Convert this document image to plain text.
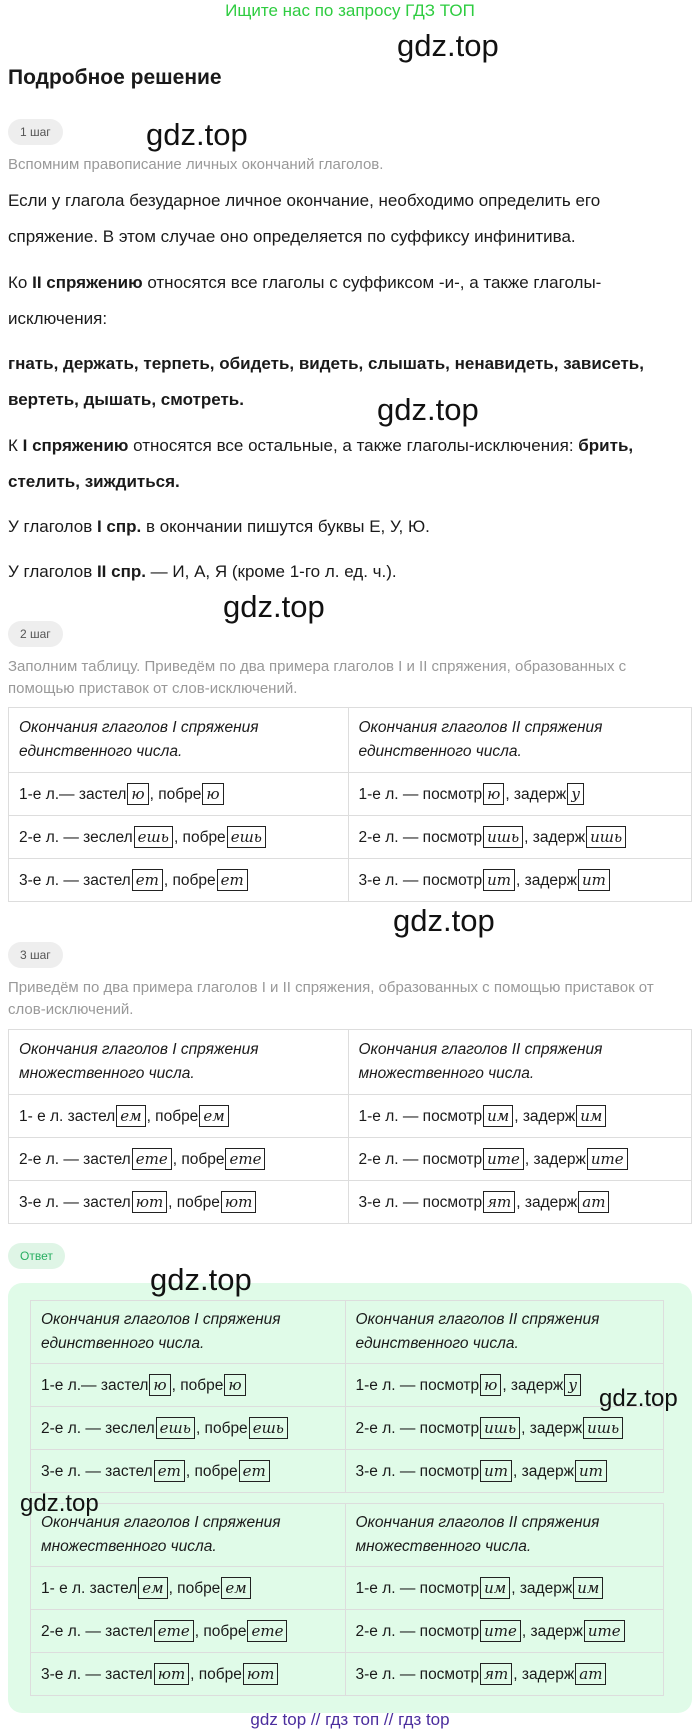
Ищите нас по запросу ГДЗ ТОП
gdz.top
gdz.top
gdz.top
gdz.top
gdz.top
gdz.top
gdz.top
gdz.top
Подробное решение
1 шаг

Вспомним правописание личных окончаний глаголов.

Если у глагола безударное личное окончание, необходимо определить его спряжение. В этом случае оно определяется по суффиксу инфинитива.

Ко II спряжению относятся все глаголы с суффиксом -и-, а также глаголы-исключения:

гнать, держать, терпеть, обидеть, видеть, слышать, ненавидеть, зависеть, вертеть, дышать, смотреть.

К I спряжению относятся все остальные, а также глаголы-исключения: брить, стелить, зиждиться.

У глаголов I спр. в окончании пишутся буквы Е, У, Ю.

У глаголов II спр. — И, А, Я (кроме 1-го л. ед. ч.).

2 шаг

Заполним таблицу. Приведём по два примера глаголов I и II спряжения, образованных с помощью приставок от слов-исключений.

Окончания глаголов I спряжения единственного числа.	Окончания глаголов II спряжения единственного числа.
1-е л.— застел ю , побре ю	1-е л. — посмотр ю , задерж у
2-е л. — зеслел ешь , побре ешь	2-е л. — посмотр ишь , задерж ишь
3-е л. — застел ет , побре ет	3-е л. — посмотр ит , задерж ит
3 шаг

Приведём по два примера глаголов I и II спряжения, образованных с помощью приставок от слов-исключений.

Окончания глаголов I спряжения множественного числа.	Окончания глаголов II спряжения множественного числа.
1- е л. застел ем , побре ем	1-е л. — посмотр им , задерж им
2-е л. — застел ете , побре ете	2-е л. — посмотр ите , задерж ите
3-е л. — застел ют , побре ют	3-е л. — посмотр ят , задерж ат
Ответ
Окончания глаголов I спряжения единственного числа.	Окончания глаголов II спряжения единственного числа.
1-е л.— застел ю , побре ю	1-е л. — посмотр ю , задерж у
2-е л. — зеслел ешь , побре ешь	2-е л. — посмотр ишь , задерж ишь
3-е л. — застел ет , побре ет	3-е л. — посмотр ит , задерж ит
Окончания глаголов I спряжения множественного числа.	Окончания глаголов II спряжения множественного числа.
1- е л. застел ем , побре ем	1-е л. — посмотр им , задерж им
2-е л. — застел ете , побре ете	2-е л. — посмотр ите , задерж ите
3-е л. — застел ют , побре ют	3-е л. — посмотр ят , задерж ат
gdz top // гдз топ // гдз top
